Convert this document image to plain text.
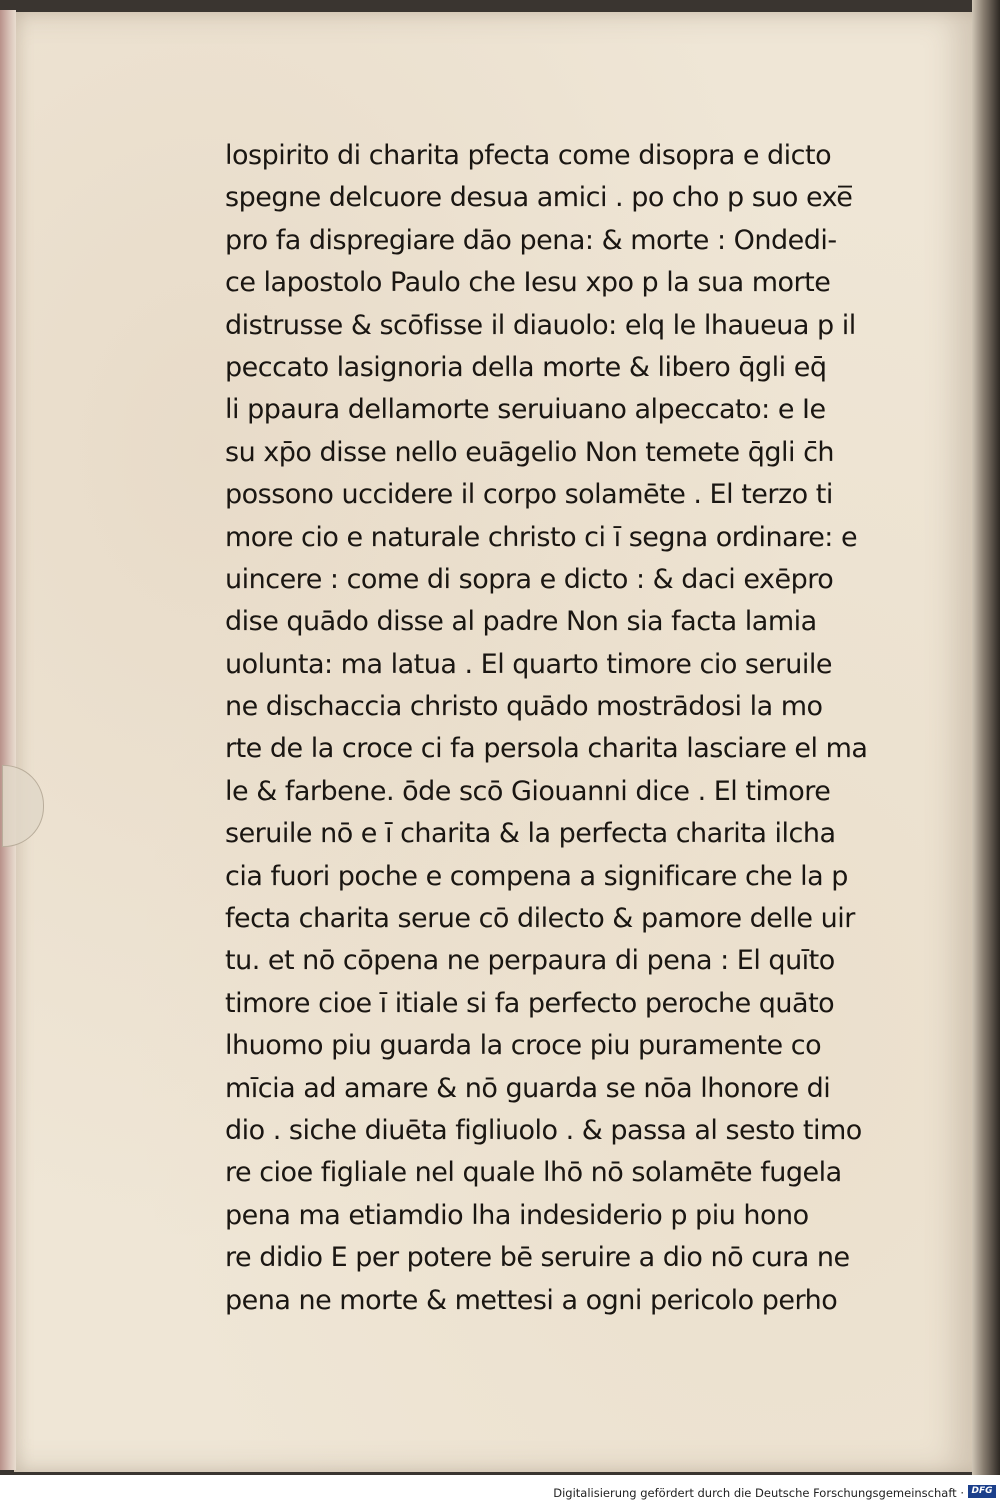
lospirito di charita pfecta come disopra e dicto
spegne delcuore desua amici . po cho p suo exe̅
pro fa dispregiare dāo pena: & morte : Ondedi-
ce lapostolo Paulo che Iesu xpo p la sua morte
distrusse & scōfisse il diauolo: elq le lhaueua p il
peccato lasignoria della morte & libero q̄gli eq̄
li ppaura dellamorte seruiuano alpeccato: e Ie
su xp̄o disse nello euāgelio Non temete q̄gli c̄h
possono uccidere il corpo solamēte . El terzo ti
more cio e naturale christo ci ī segna ordinare: e
uincere : come di sopra e dicto : & daci exēpro
dise quādo disse al padre Non sia facta lamia
uolunta: ma latua . El quarto timore cio seruile
ne dischaccia christo quādo mostrādosi la mo
rte de la croce ci fa persola charita lasciare el ma
le & farbene. ōde scō Giouanni dice . El timore
seruile nō e ī charita & la perfecta charita ilcha
cia fuori poche e compena a significare che la p
fecta charita serue cō dilecto & pamore delle uir
tu. et nō cōpena ne perpaura di pena : El quīto
timore cioe ī itiale si fa perfecto peroche quāto
lhuomo piu guarda la croce piu puramente co
mīcia ad amare & nō guarda se nōa lhonore di
dio . siche diuēta figliuolo . & passa al sesto timo
re cioe figliale nel quale lhō nō solamēte fugela
pena ma etiamdio lha indesiderio p piu hono
re didio E per potere bē seruire a dio nō cura ne
pena ne morte & mettesi a ogni pericolo perho
Digitalisierung gefördert durch die Deutsche Forschungsgemeinschaft · DFG
